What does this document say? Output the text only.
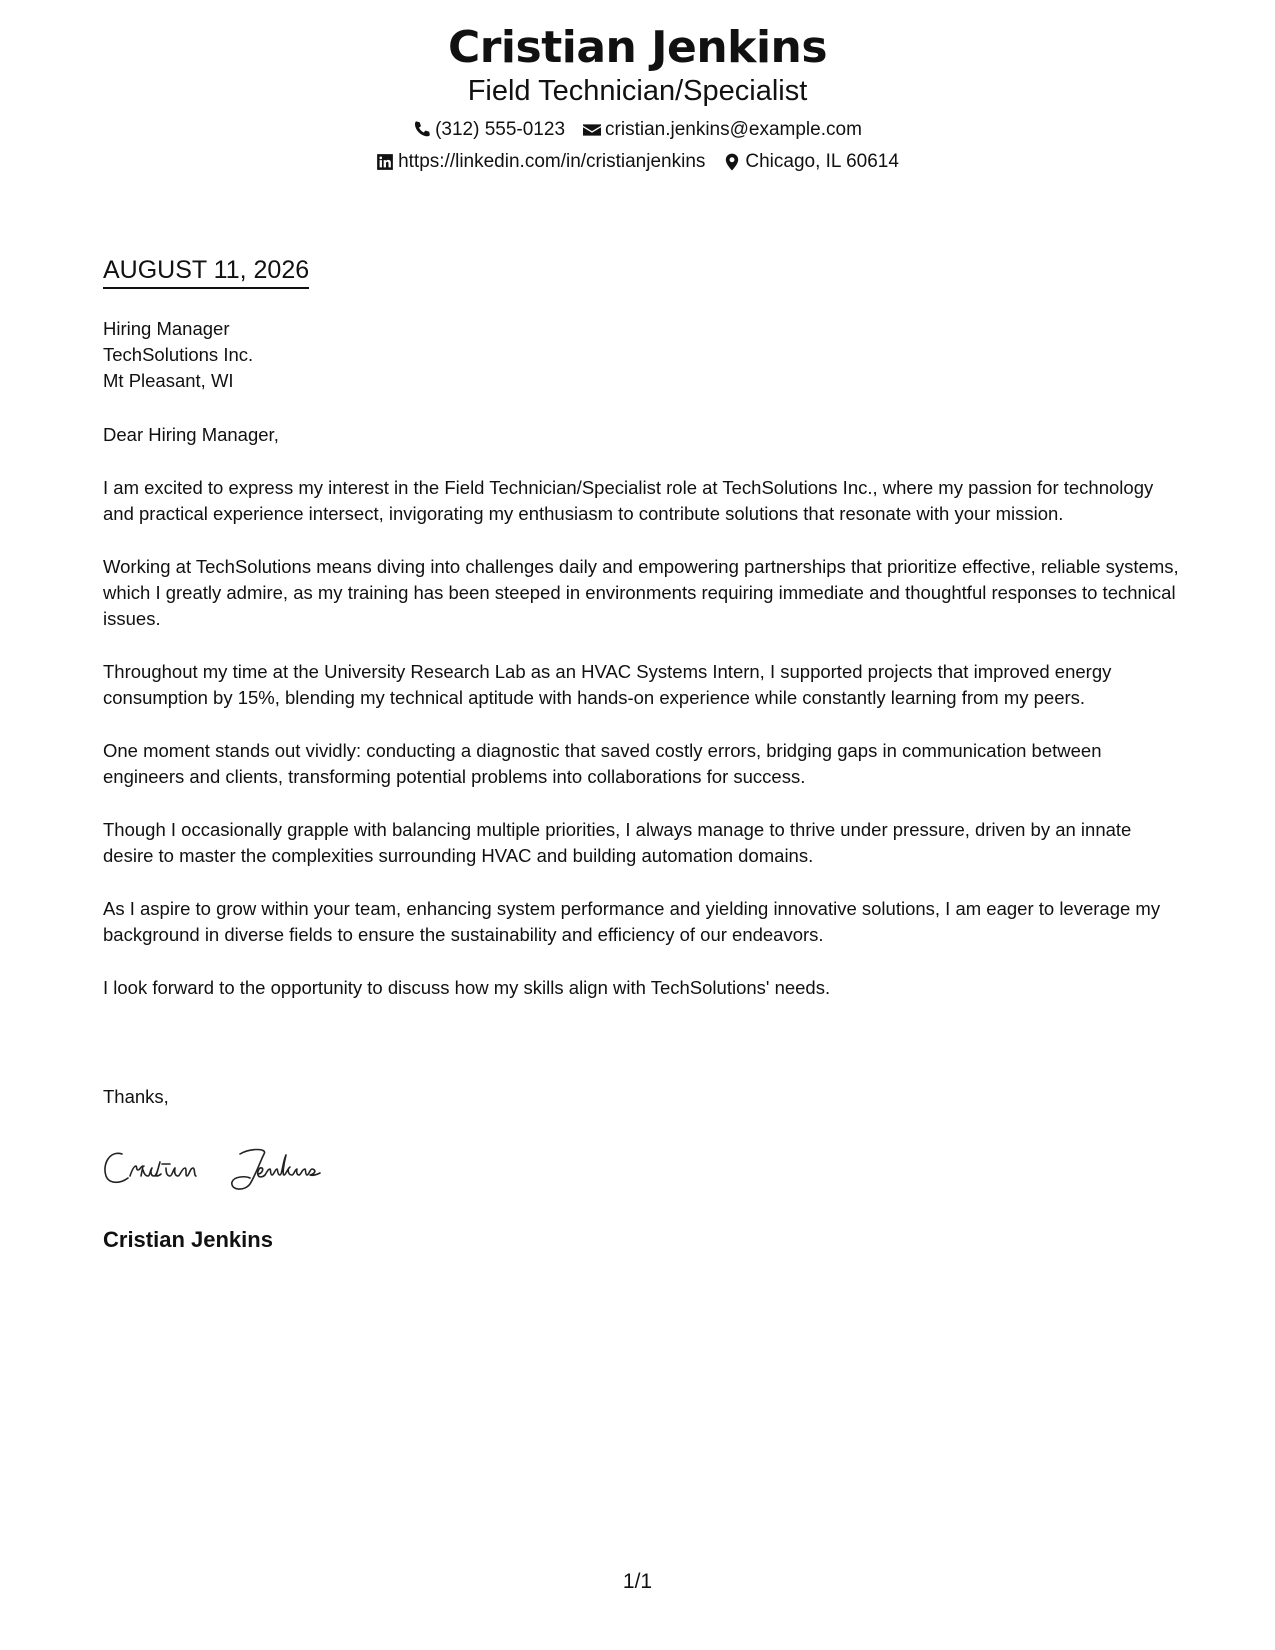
Cristian Jenkins
Field Technician/Specialist
(312) 555-0123 cristian.jenkins@example.com
https://linkedin.com/in/cristianjenkins Chicago, IL 60614
AUGUST 11, 2026
Hiring Manager
TechSolutions Inc.
Mt Pleasant, WI

Dear Hiring Manager,

I am excited to express my interest in the Field Technician/Specialist role at TechSolutions Inc., where my passion for technology and practical experience intersect, invigorating my enthusiasm to contribute solutions that resonate with your mission.

Working at TechSolutions means diving into challenges daily and empowering partnerships that prioritize effective, reliable systems, which I greatly admire, as my training has been steeped in environments requiring immediate and thoughtful responses to technical issues.

Throughout my time at the University Research Lab as an HVAC Systems Intern, I supported projects that improved energy consumption by 15%, blending my technical aptitude with hands-on experience while constantly learning from my peers.

One moment stands out vividly: conducting a diagnostic that saved costly errors, bridging gaps in communication between engineers and clients, transforming potential problems into collaborations for success.

Though I occasionally grapple with balancing multiple priorities, I always manage to thrive under pressure, driven by an innate desire to master the complexities surrounding HVAC and building automation domains.

As I aspire to grow within your team, enhancing system performance and yielding innovative solutions, I am eager to leverage my background in diverse fields to ensure the sustainability and efficiency of our endeavors.

I look forward to the opportunity to discuss how my skills align with TechSolutions' needs.

Thanks,
Cristian Jenkins
1/1
